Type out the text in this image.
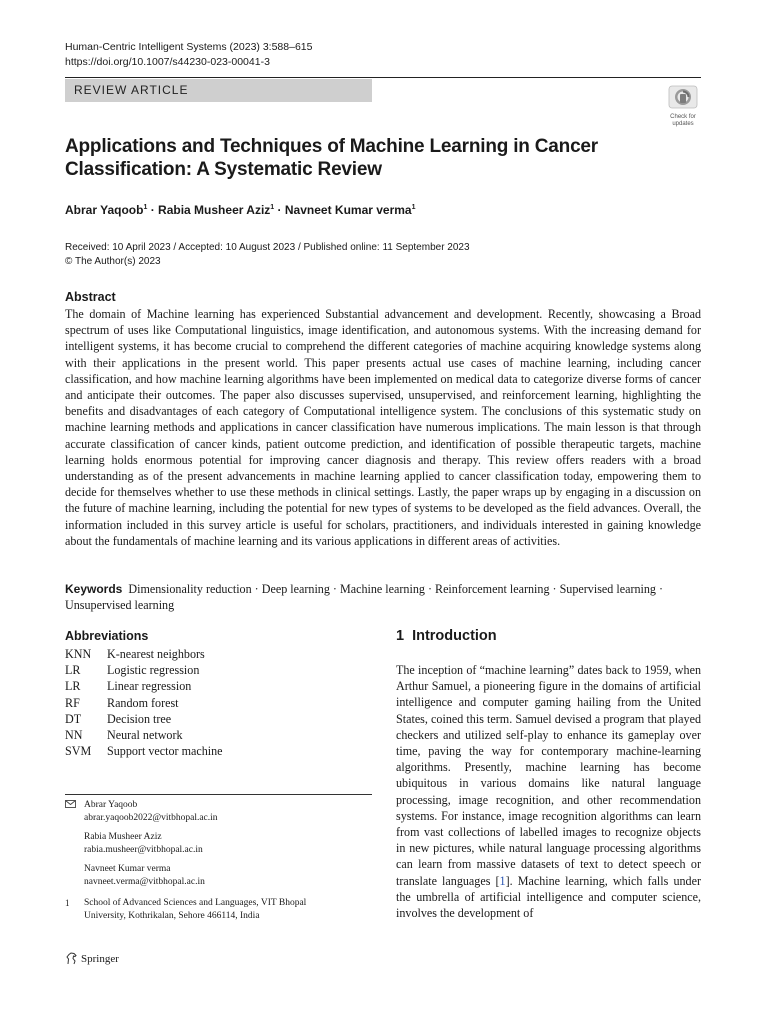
Human-Centric Intelligent Systems (2023) 3:588–615
https://doi.org/10.1007/s44230-023-00041-3
REVIEW ARTICLE
Check for
updates
Applications and Techniques of Machine Learning in Cancer
Classification: A Systematic Review
Abrar Yaqoob$^1$ · Rabia Musheer Aziz$^1$ · Navneet Kumar verma$^1$
Received: 10 April 2023 / Accepted: 10 August 2023 / Published online: 11 September 2023
© The Author(s) 2023
Abstract

The domain of Machine learning has experienced Substantial advancement and development. Recently, showcasing a Broad spectrum of uses like Computational linguistics, image identification, and autonomous systems. With the increasing demand for intelligent systems, it has become crucial to comprehend the different categories of machine acquiring knowledge systems along with their applications in the present world. This paper presents actual use cases of machine learning, including cancer classification, and how machine learning algorithms have been implemented on medical data to categorize diverse forms of cancer and anticipate their outcomes. The paper also discusses supervised, unsupervised, and reinforcement learning, highlighting the benefits and disadvantages of each category of Computational intelligence system. The conclusions of this systematic study on machine learning methods and applications in cancer classification have numerous implications. The main lesson is that through accurate classification of cancer kinds, patient outcome prediction, and identification of possible therapeutic targets, machine learning holds enormous potential for improving cancer diagnosis and therapy. This review offers readers with a broad understanding as of the present advancements in machine learning applied to cancer classification today, empowering them to decide for themselves whether to use these methods in clinical settings. Lastly, the paper wraps up by engaging in a discussion on the future of machine learning, including the potential for new types of systems to be developed as the field advances. Overall, the information included in this survey article is useful for scholars, practitioners, and individuals interested in gaining knowledge about the fundamentals of machine learning and its various applications in different areas of activities.

Keywords Dimensionality reduction · Deep learning · Machine learning · Reinforcement learning · Supervised learning · Unsupervised learning

Abbreviations
KNN	K-nearest neighbors
LR	Logistic regression
LR	Linear regression
RF	Random forest
DT	Decision tree
NN	Neural network
SVM	Support vector machine
Abrar Yaqoob
abrar.yaqoob2022@vitbhopal.ac.in
Rabia Musheer Aziz
rabia.musheer@vitbhopal.ac.in
Navneet Kumar verma
navneet.verma@vitbhopal.ac.in
1	School of Advanced Sciences and Languages, VIT Bhopal
University, Kothrikalan, Sehore 466114, India
Springer
1 Introduction

The inception of “machine learning” dates back to 1959, when Arthur Samuel, a pioneering figure in the domains of artificial intelligence and computer gaming hailing from the United States, coined this term. Samuel devised a program that played checkers and utilized self-play to enhance its gameplay over time, paving the way for contemporary machine-learning algorithms. Presently, machine learning has become ubiquitous in various domains like natural language processing, image recognition, and other recommendation systems. For instance, image recognition algorithms can learn from vast collections of labelled images to recognize objects in new pictures, while natural language processing algorithms can learn from massive datasets of text to detect speech or translate languages [1]. Machine learning, which falls under the umbrella of artificial intelligence and computer science, involves the development of
